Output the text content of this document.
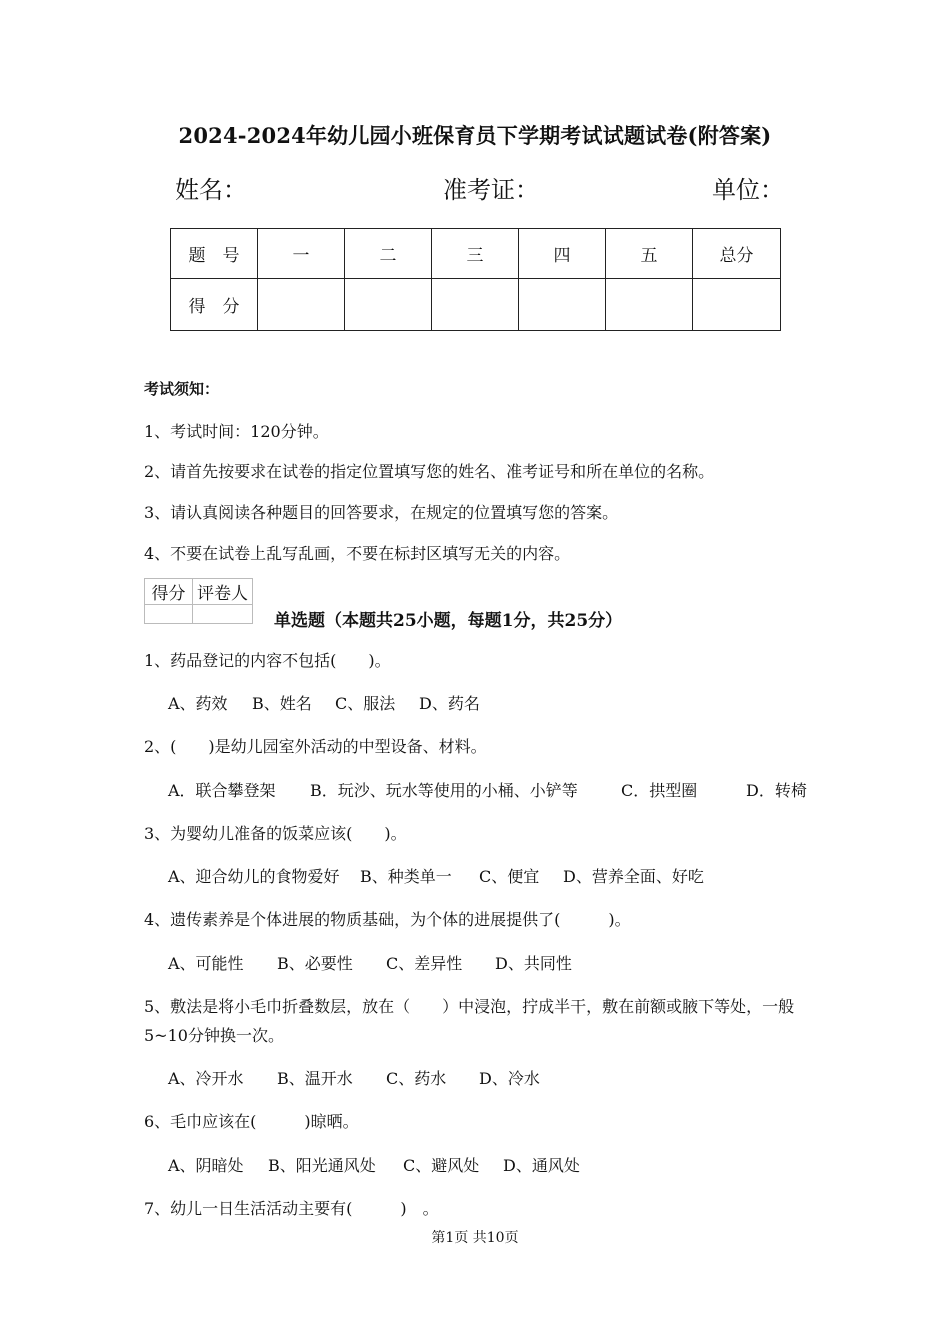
2024-2024年幼儿园小班保育员下学期考试试题试卷(附答案)
姓名：	准考证：	单位：
题　号	一	二	三	四	五	总分
得　分						
考试须知：
1、考试时间：120分钟。
2、请首先按要求在试卷的指定位置填写您的姓名、准考证号和所在单位的名称。
3、请认真阅读各种题目的回答要求，在规定的位置填写您的答案。
4、不要在试卷上乱写乱画，不要在标封区填写无关的内容。
得分	评卷人

单选题（本题共25小题，每题1分，共25分）
1、药品登记的内容不包括(　　)。
A、药效 B、姓名 C、服法 D、药名
2、(　　)是幼儿园室外活动的中型设备、材料。
A．联合攀登架 B．玩沙、玩水等使用的小桶、小铲等	C．拱型圈	D．转椅
3、为婴幼儿准备的饭菜应该(　　)。
A、迎合幼儿的食物爱好 B、种类单一 C、便宜 D、营养全面、好吃
4、遗传素养是个体进展的物质基础，为个体的进展提供了(　　　)。
A、可能性 B、必要性 C、差异性 D、共同性
5、敷法是将小毛巾折叠数层，放在（　　）中浸泡，拧成半干，敷在前额或腋下等处，一般
5~10分钟换一次。
A、冷开水 B、温开水 C、药水 D、冷水
6、毛巾应该在(　　　)晾晒。
A、阴暗处 B、阳光通风处 C、避风处 D、通风处
7、幼儿一日生活活动主要有(　　　)　。
第1页 共10页
